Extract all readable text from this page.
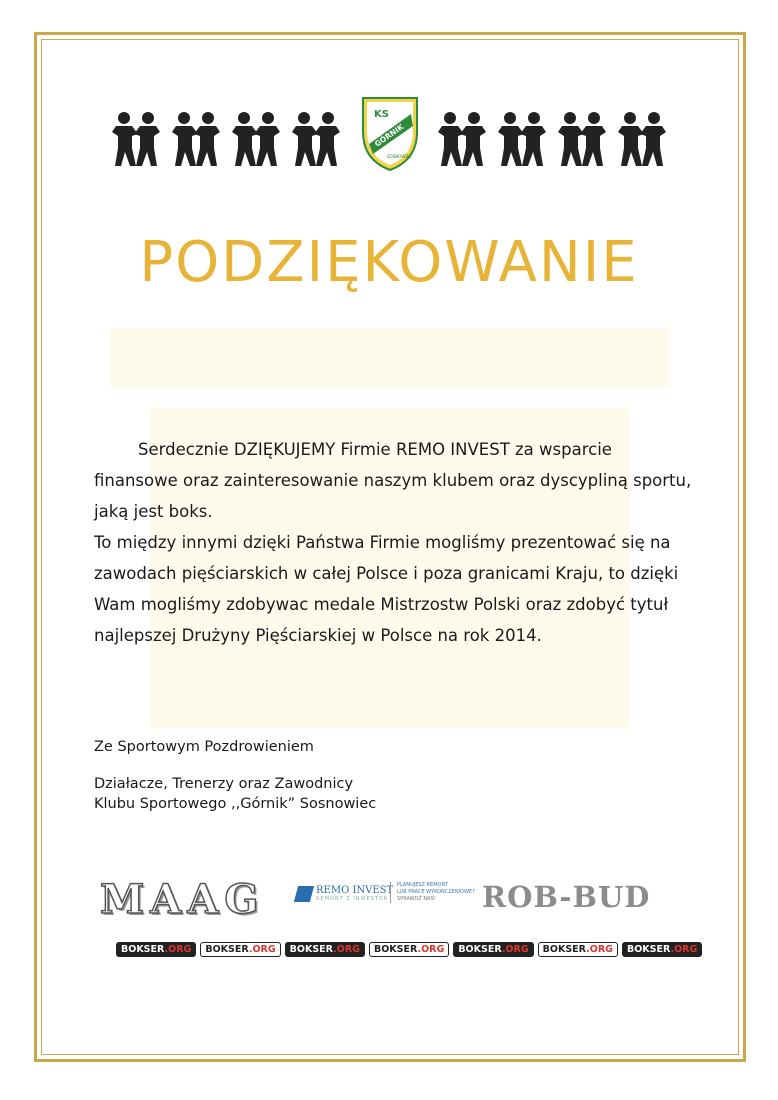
KS
GÓRNIK
SOSNOWIEC
PODZIĘKOWANIE

Serdecznie DZIĘKUJEMY Firmie REMO INVEST za wsparcie finansowe oraz zainteresowanie naszym klubem oraz dyscypliną sportu, jaką jest boks.

To między innymi dzięki Państwa Firmie mogliśmy prezentować się na zawodach pięściarskich w całej Polsce i poza granicami Kraju, to dzięki Wam mogliśmy zdobywac medale Mistrzostw Polski oraz zdobyć tytuł najlepszej Drużyny Pięściarskiej w Polsce na rok 2014.

Ze Sportowym Pozdrowieniem
Działacze, Trenerzy oraz Zawodnicy
Klubu Sportowego ,,Górnik” Sosnowiec
MAAG	REMO INVEST
REMONT Z INWESTOR
PLANUJESZ REMONT
LUB PRACE WYKOŃCZENIOWE?
SPRAWDŹ NAS!	ROB-BUD
BOKSER.ORG	BOKSER.ORG	BOKSER.ORG	BOKSER.ORG	BOKSER.ORG	BOKSER.ORG	BOKSER.ORG
